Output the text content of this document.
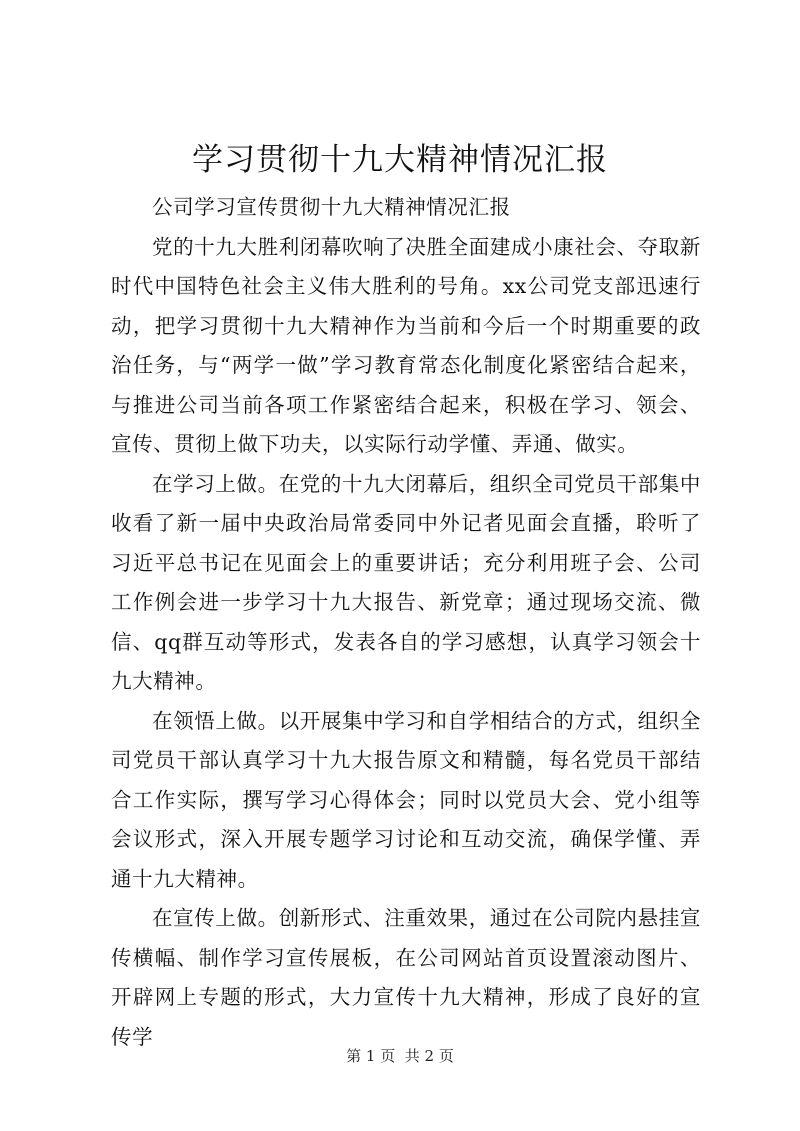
学习贯彻十九大精神情况汇报

公司学习宣传贯彻十九大精神情况汇报

党的十九大胜利闭幕吹响了决胜全面建成小康社会、夺取新时代中国特色社会主义伟大胜利的号角。xx公司党支部迅速行动，把学习贯彻十九大精神作为当前和今后一个时期重要的政治任务，与“两学一做”学习教育常态化制度化紧密结合起来，与推进公司当前各项工作紧密结合起来，积极在学习、领会、宣传、贯彻上做下功夫，以实际行动学懂、弄通、做实。

在学习上做。在党的十九大闭幕后，组织全司党员干部集中收看了新一届中央政治局常委同中外记者见面会直播，聆听了习近平总书记在见面会上的重要讲话；充分利用班子会、公司工作例会进一步学习十九大报告、新党章；通过现场交流、微信、qq群互动等形式，发表各自的学习感想，认真学习领会十九大精神。

在领悟上做。以开展集中学习和自学相结合的方式，组织全司党员干部认真学习十九大报告原文和精髓，每名党员干部结合工作实际，撰写学习心得体会；同时以党员大会、党小组等会议形式，深入开展专题学习讨论和互动交流，确保学懂、弄通十九大精神。

在宣传上做。创新形式、注重效果，通过在公司院内悬挂宣传横幅、制作学习宣传展板，在公司网站首页设置滚动图片、开辟网上专题的形式，大力宣传十九大精神，形成了良好的宣传学

第 1 页  共 2 页
